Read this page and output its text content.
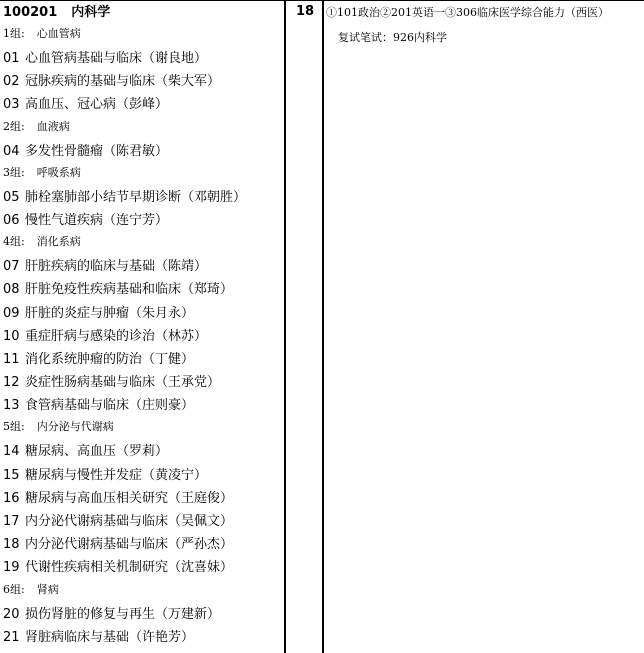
100201 内科学
1组: 心血管病
01 心血管病基础与临床（谢良地）
02 冠脉疾病的基础与临床（柴大军）
03 高血压、冠心病（彭峰）
2组: 血液病
04 多发性骨髓瘤（陈君敏）
3组: 呼吸系病
05 肺栓塞肺部小结节早期诊断（邓朝胜）
06 慢性气道疾病（连宁芳）
4组: 消化系病
07 肝脏疾病的临床与基础（陈靖）
08 肝脏免疫性疾病基础和临床（郑琦）
09 肝脏的炎症与肿瘤（朱月永）
10 重症肝病与感染的诊治（林苏）
11 消化系统肿瘤的防治（丁健）
12 炎症性肠病基础与临床（王承党）
13 食管病基础与临床（庄则豪）
5组: 内分泌与代谢病
14 糖尿病、高血压（罗莉）
15 糖尿病与慢性并发症（黄凌宁）
16 糖尿病与高血压相关研究（王庭俊）
17 内分泌代谢病基础与临床（吴佩文）
18 内分泌代谢病基础与临床（严孙杰）
19 代谢性疾病相关机制研究（沈喜妹）
6组: 肾病
20 损伤肾脏的修复与再生（万建新）
21 肾脏病临床与基础（许艳芳）
18	①101政治②201英语一③306临床医学综合能力（西医）
复试笔试：926内科学
